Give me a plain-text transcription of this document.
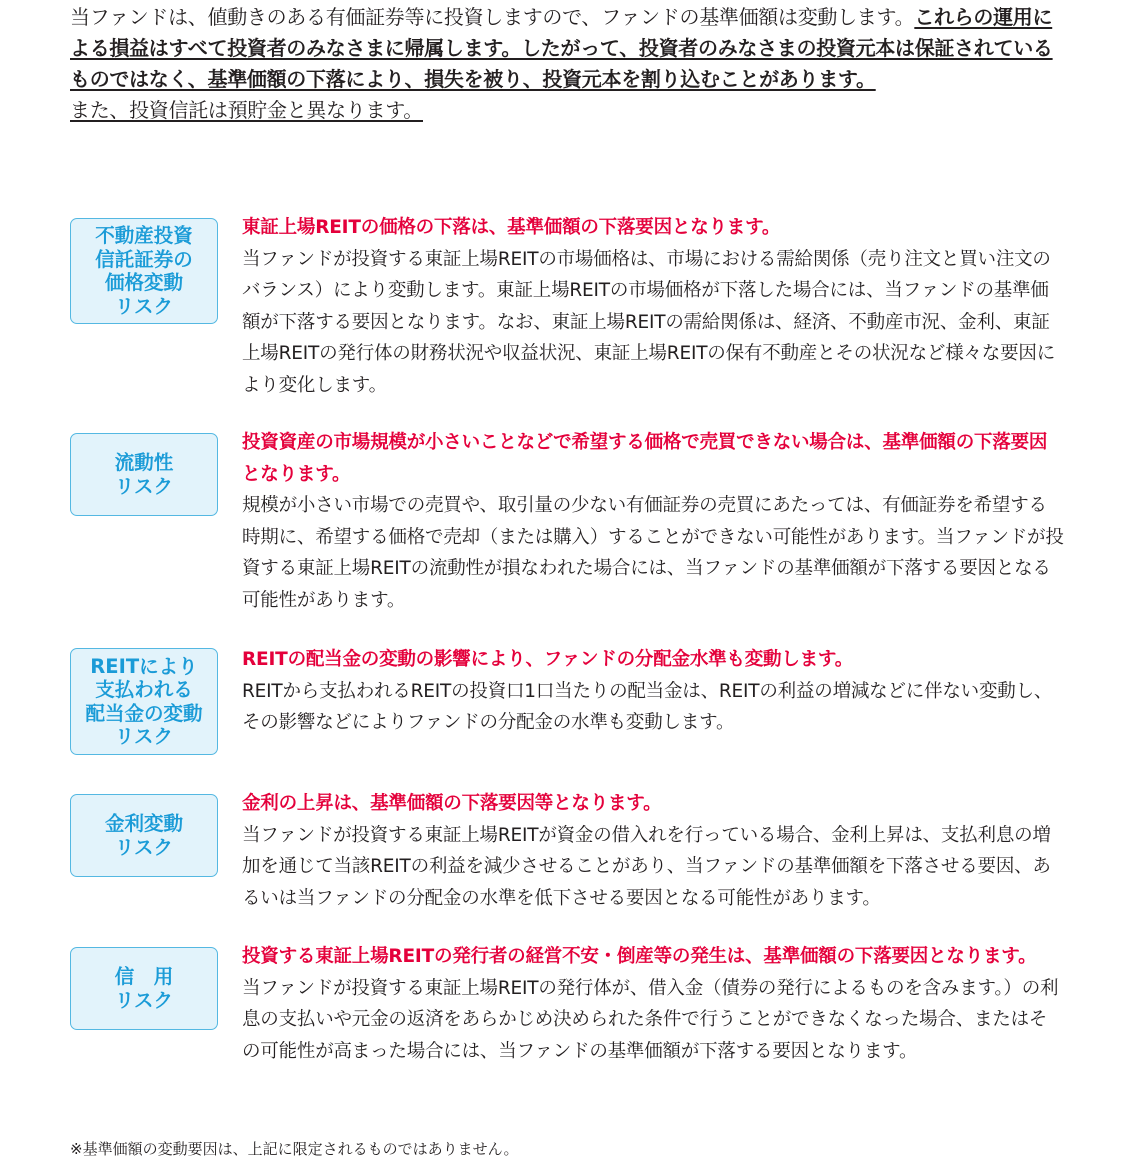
当ファンドは、値動きのある有価証券等に投資しますので、ファンドの基準価額は変動します。これらの運用による損益はすべて投資者のみなさまに帰属します。したがって、投資者のみなさまの投資元本は保証されているものではなく、基準価額の下落により、損失を被り、投資元本を割り込むことがあります。
また、投資信託は預貯金と異なります。
不動産投資
信託証券の
価格変動
リスク
東証上場REITの価格の下落は、基準価額の下落要因となります。
当ファンドが投資する東証上場REITの市場価格は、市場における需給関係（売り注文と買い注文のバランス）により変動します。東証上場REITの市場価格が下落した場合には、当ファンドの基準価額が下落する要因となります。なお、東証上場REITの需給関係は、経済、不動産市況、金利、東証上場REITの発行体の財務状況や収益状況、東証上場REITの保有不動産とその状況など様々な要因により変化します。
流動性
リスク
投資資産の市場規模が小さいことなどで希望する価格で売買できない場合は、基準価額の下落要因となります。
規模が小さい市場での売買や、取引量の少ない有価証券の売買にあたっては、有価証券を希望する時期に、希望する価格で売却（または購入）することができない可能性があります。当ファンドが投資する東証上場REITの流動性が損なわれた場合には、当ファンドの基準価額が下落する要因となる可能性があります。
REITにより
支払われる
配当金の変動
リスク
REITの配当金の変動の影響により、ファンドの分配金水準も変動します。
REITから支払われるREITの投資口1口当たりの配当金は、REITの利益の増減などに伴ない変動し、その影響などによりファンドの分配金の水準も変動します。
金利変動
リスク
金利の上昇は、基準価額の下落要因等となります。
当ファンドが投資する東証上場REITが資金の借入れを行っている場合、金利上昇は、支払利息の増加を通じて当該REITの利益を減少させることがあり、当ファンドの基準価額を下落させる要因、あるいは当ファンドの分配金の水準を低下させる要因となる可能性があります。
信　用
リスク
投資する東証上場REITの発行者の経営不安・倒産等の発生は、基準価額の下落要因となります。
当ファンドが投資する東証上場REITの発行体が、借入金（債券の発行によるものを含みます。）の利息の支払いや元金の返済をあらかじめ決められた条件で行うことができなくなった場合、またはその可能性が高まった場合には、当ファンドの基準価額が下落する要因となります。
※基準価額の変動要因は、上記に限定されるものではありません。
